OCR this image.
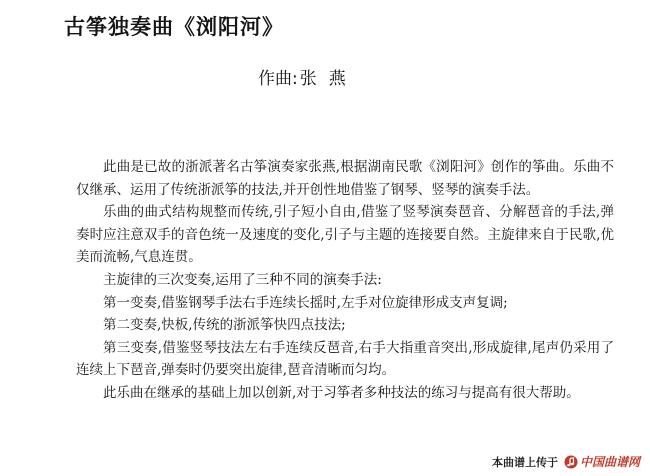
古筝独奏曲《浏阳河》
作曲: 张 燕

此曲是已故的浙派著名古筝演奏家张燕,根据湖南民歌《浏阳河》创作的筝曲。乐曲不仅继承、运用了传统浙派筝的技法,并开创性地借鉴了钢琴、竖琴的演奏手法。

乐曲的曲式结构规整而传统,引子短小自由,借鉴了竖琴演奏琶音、分解琶音的手法,弹奏时应注意双手的音色统一及速度的变化,引子与主题的连接要自然。主旋律来自于民歌,优美而流畅,气息连贯。

主旋律的三次变奏,运用了三种不同的演奏手法:

第一变奏,借鉴钢琴手法右手连续长摇时,左手对位旋律形成支声复调;

第二变奏,快板,传统的浙派筝快四点技法;

第三变奏,借鉴竖琴技法左右手连续反琶音,右手大指重音突出,形成旋律,尾声仍采用了连续上下琶音,弹奏时仍要突出旋律,琶音清晰而匀均。

此乐曲在继承的基础上加以创新,对于习筝者多种技法的练习与提高有很大帮助。

本曲谱上传于 中国曲谱网
